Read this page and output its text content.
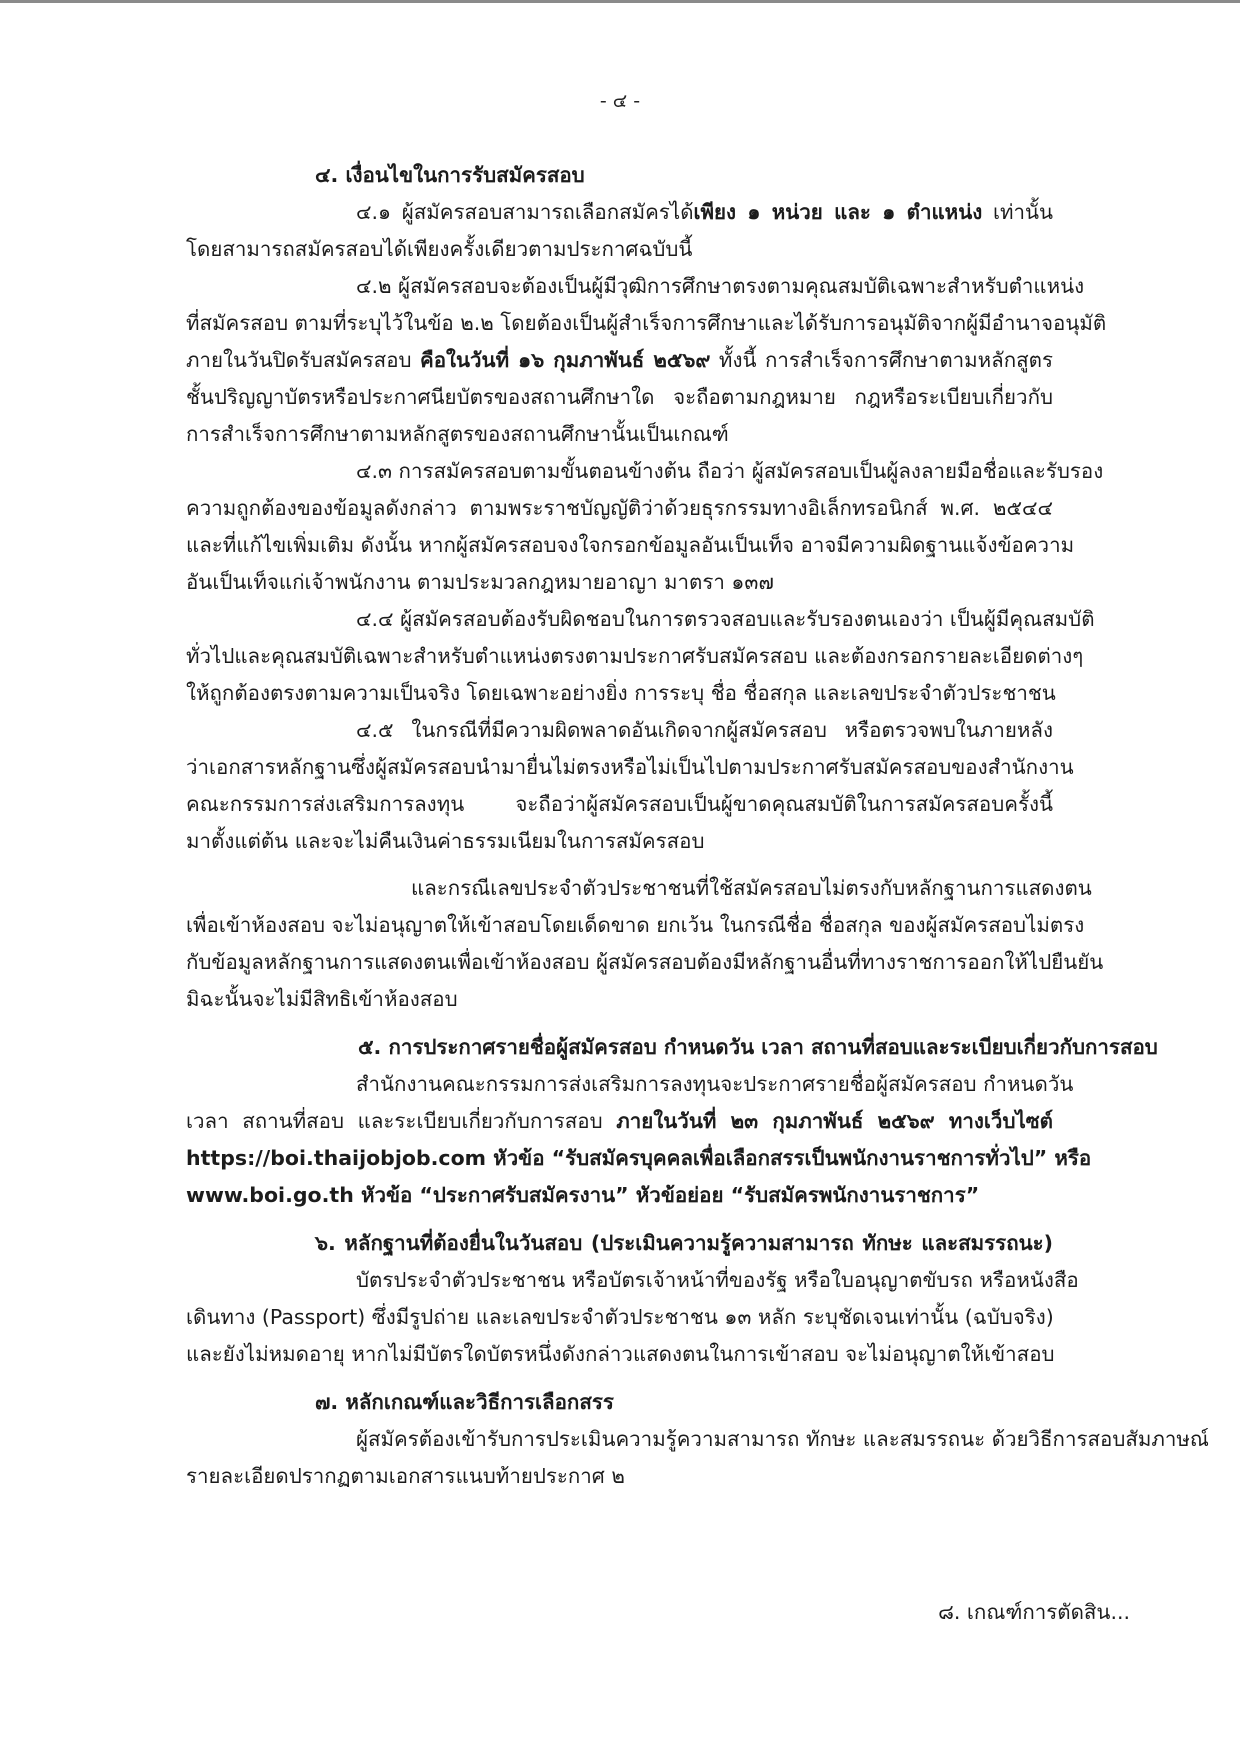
- ๔ -
๔. เงื่อนไขในการรับสมัครสอบ
๔.๑ ผู้สมัครสอบสามารถเลือกสมัครได้เพียง ๑ หน่วย และ ๑ ตำแหน่ง เท่านั้น
โดยสามารถสมัครสอบได้เพียงครั้งเดียวตามประกาศฉบับนี้
๔.๒ ผู้สมัครสอบจะต้องเป็นผู้มีวุฒิการศึกษาตรงตามคุณสมบัติเฉพาะสำหรับตำแหน่ง
ที่สมัครสอบ ตามที่ระบุไว้ในข้อ ๒.๒ โดยต้องเป็นผู้สำเร็จการศึกษาและได้รับการอนุมัติจากผู้มีอำนาจอนุมัติ
ภายในวันปิดรับสมัครสอบ คือในวันที่ ๑๖ กุมภาพันธ์ ๒๕๖๙ ทั้งนี้ การสำเร็จการศึกษาตามหลักสูตร
ชั้นปริญญาบัตรหรือประกาศนียบัตรของสถานศึกษาใด จะถือตามกฎหมาย กฎหรือระเบียบเกี่ยวกับ
การสำเร็จการศึกษาตามหลักสูตรของสถานศึกษานั้นเป็นเกณฑ์
๔.๓ การสมัครสอบตามขั้นตอนข้างต้น ถือว่า ผู้สมัครสอบเป็นผู้ลงลายมือชื่อและรับรอง
ความถูกต้องของข้อมูลดังกล่าว ตามพระราชบัญญัติว่าด้วยธุรกรรมทางอิเล็กทรอนิกส์ พ.ศ. ๒๕๔๔
และที่แก้ไขเพิ่มเติม ดังนั้น หากผู้สมัครสอบจงใจกรอกข้อมูลอันเป็นเท็จ อาจมีความผิดฐานแจ้งข้อความ
อันเป็นเท็จแก่เจ้าพนักงาน ตามประมวลกฎหมายอาญา มาตรา ๑๓๗
๔.๔ ผู้สมัครสอบต้องรับผิดชอบในการตรวจสอบและรับรองตนเองว่า เป็นผู้มีคุณสมบัติ
ทั่วไปและคุณสมบัติเฉพาะสำหรับตำแหน่งตรงตามประกาศรับสมัครสอบ และต้องกรอกรายละเอียดต่างๆ
ให้ถูกต้องตรงตามความเป็นจริง โดยเฉพาะอย่างยิ่ง การระบุ ชื่อ ชื่อสกุล และเลขประจำตัวประชาชน
๔.๕ ในกรณีที่มีความผิดพลาดอันเกิดจากผู้สมัครสอบ หรือตรวจพบในภายหลัง
ว่าเอกสารหลักฐานซึ่งผู้สมัครสอบนำมายื่นไม่ตรงหรือไม่เป็นไปตามประกาศรับสมัครสอบของสำนักงาน
คณะกรรมการส่งเสริมการลงทุน จะถือว่าผู้สมัครสอบเป็นผู้ขาดคุณสมบัติในการสมัครสอบครั้งนี้
มาตั้งแต่ต้น และจะไม่คืนเงินค่าธรรมเนียมในการสมัครสอบ
และกรณีเลขประจำตัวประชาชนที่ใช้สมัครสอบไม่ตรงกับหลักฐานการแสดงตน
เพื่อเข้าห้องสอบ จะไม่อนุญาตให้เข้าสอบโดยเด็ดขาด ยกเว้น ในกรณีชื่อ ชื่อสกุล ของผู้สมัครสอบไม่ตรง
กับข้อมูลหลักฐานการแสดงตนเพื่อเข้าห้องสอบ ผู้สมัครสอบต้องมีหลักฐานอื่นที่ทางราชการออกให้ไปยืนยัน
มิฉะนั้นจะไม่มีสิทธิเข้าห้องสอบ
๕. การประกาศรายชื่อผู้สมัครสอบ กำหนดวัน เวลา สถานที่สอบและระเบียบเกี่ยวกับการสอบ
สำนักงานคณะกรรมการส่งเสริมการลงทุนจะประกาศรายชื่อผู้สมัครสอบ กำหนดวัน
เวลา สถานที่สอบ และระเบียบเกี่ยวกับการสอบ ภายในวันที่ ๒๓ กุมภาพันธ์ ๒๕๖๙ ทางเว็บไซต์
https://boi.thaijobjob.com หัวข้อ “รับสมัครบุคคลเพื่อเลือกสรรเป็นพนักงานราชการทั่วไป” หรือ
www.boi.go.th หัวข้อ “ประกาศรับสมัครงาน” หัวข้อย่อย “รับสมัครพนักงานราชการ”
๖. หลักฐานที่ต้องยื่นในวันสอบ (ประเมินความรู้ความสามารถ ทักษะ และสมรรถนะ)
บัตรประจำตัวประชาชน หรือบัตรเจ้าหน้าที่ของรัฐ หรือใบอนุญาตขับรถ หรือหนังสือ
เดินทาง (Passport) ซึ่งมีรูปถ่าย และเลขประจำตัวประชาชน ๑๓ หลัก ระบุชัดเจนเท่านั้น (ฉบับจริง)
และยังไม่หมดอายุ หากไม่มีบัตรใดบัตรหนึ่งดังกล่าวแสดงตนในการเข้าสอบ จะไม่อนุญาตให้เข้าสอบ
๗. หลักเกณฑ์และวิธีการเลือกสรร
ผู้สมัครต้องเข้ารับการประเมินความรู้ความสามารถ ทักษะ และสมรรถนะ ด้วยวิธีการสอบสัมภาษณ์
รายละเอียดปรากฏตามเอกสารแนบท้ายประกาศ ๒
๘. เกณฑ์การตัดสิน...
